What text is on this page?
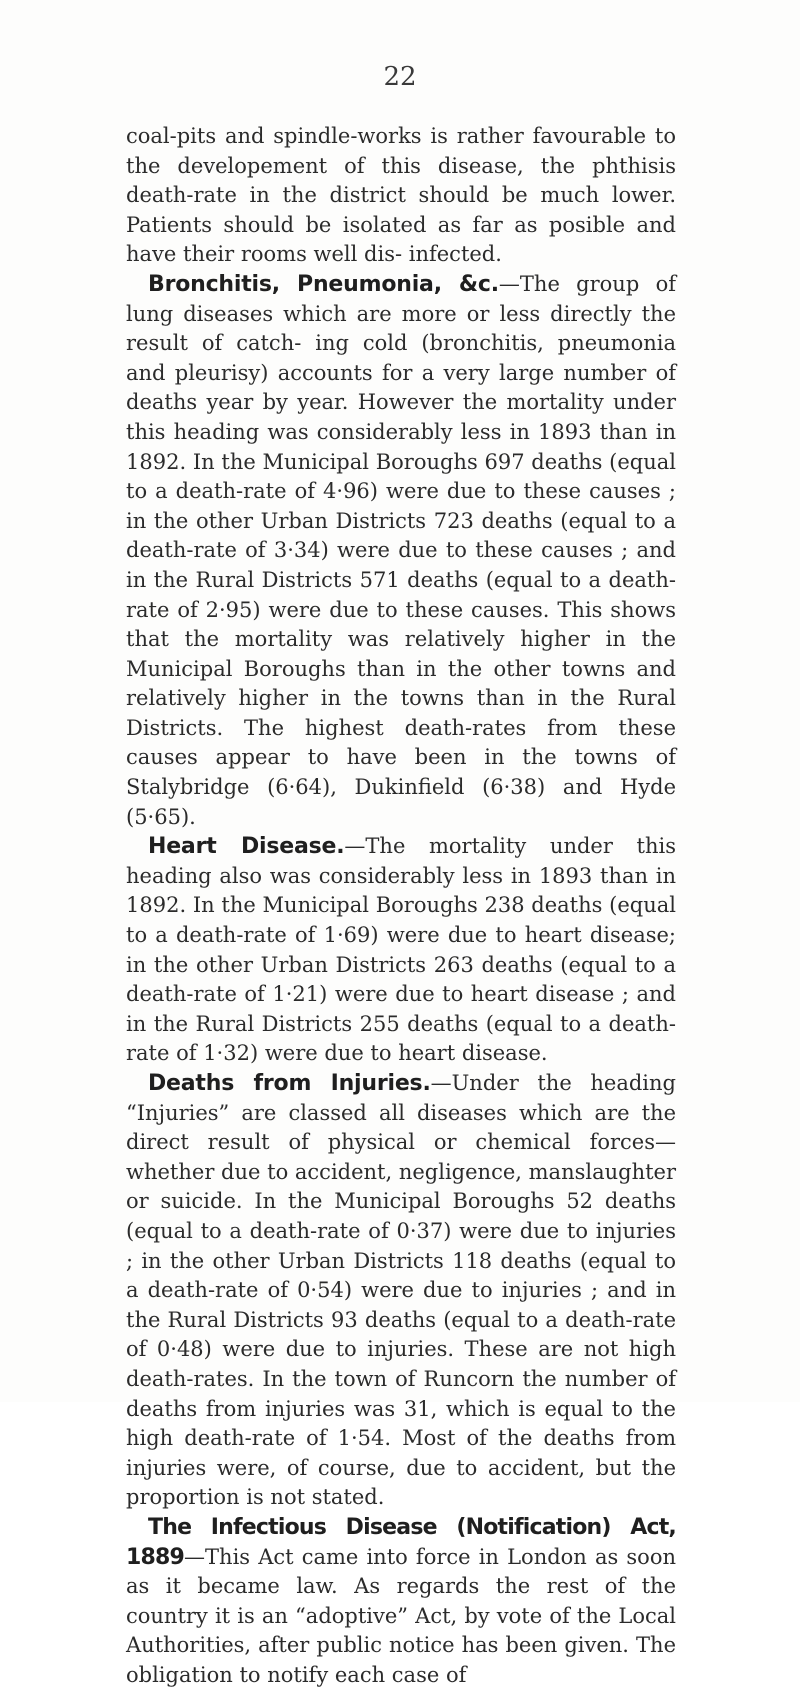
22

coal-pits and spindle-works is rather favourable to the developement of this disease, the phthisis death-rate in the district should be much lower. Patients should be isolated as far as posible and have their rooms well dis- infected.

Bronchitis, Pneumonia, &c.—The group of lung diseases which are more or less directly the result of catch- ing cold (bronchitis, pneumonia and pleurisy) accounts for a very large number of deaths year by year. However the mortality under this heading was considerably less in 1893 than in 1892. In the Municipal Boroughs 697 deaths (equal to a death-rate of 4·96) were due to these causes ; in the other Urban Districts 723 deaths (equal to a death-rate of 3·34) were due to these causes ; and in the Rural Districts 571 deaths (equal to a death-rate of 2·95) were due to these causes. This shows that the mortality was relatively higher in the Municipal Boroughs than in the other towns and relatively higher in the towns than in the Rural Districts. The highest death-rates from these causes appear to have been in the towns of Stalybridge (6·64), Dukinfield (6·38) and Hyde (5·65).

Heart Disease.—The mortality under this heading also was considerably less in 1893 than in 1892. In the Municipal Boroughs 238 deaths (equal to a death-rate of 1·69) were due to heart disease; in the other Urban Districts 263 deaths (equal to a death-rate of 1·21) were due to heart disease ; and in the Rural Districts 255 deaths (equal to a death-rate of 1·32) were due to heart disease.

Deaths from Injuries.—Under the heading “Injuries” are classed all diseases which are the direct result of physical or chemical forces—whether due to accident, negligence, manslaughter or suicide. In the Municipal Boroughs 52 deaths (equal to a death-rate of 0·37) were due to injuries ; in the other Urban Districts 118 deaths (equal to a death-rate of 0·54) were due to injuries ; and in the Rural Districts 93 deaths (equal to a death-rate of 0·48) were due to injuries. These are not high death-rates. In the town of Runcorn the number of deaths from injuries was 31, which is equal to the high death-rate of 1·54. Most of the deaths from injuries were, of course, due to accident, but the proportion is not stated.

The Infectious Disease (Notification) Act, 1889—This Act came into force in London as soon as it became law. As regards the rest of the country it is an “adoptive” Act, by vote of the Local Authorities, after public notice has been given. The obligation to notify each case of
